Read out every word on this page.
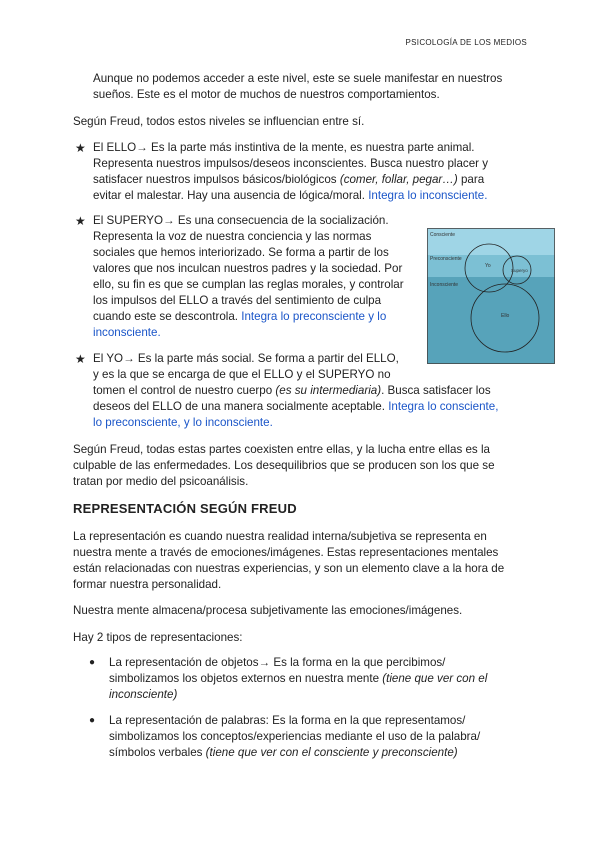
PSICOLOGÍA DE LOS MEDIOS
Aunque no podemos acceder a este nivel, este se suele manifestar en nuestros
sueños. Este es el motor de muchos de nuestros comportamientos.
Según Freud, todos estos niveles se influencian entre sí.
★ El ELLO→ Es la parte más instintiva de la mente, es nuestra parte animal.
Representa nuestros impulsos/deseos inconscientes. Busca nuestro placer y
satisfacer nuestros impulsos básicos/biológicos (comer, follar, pegar…) para
evitar el malestar. Hay una ausencia de lógica/moral. Integra lo inconsciente.
★ El SUPERYO→ Es una consecuencia de la socialización.
Representa la voz de nuestra conciencia y las normas
sociales que hemos interiorizado. Se forma a partir de los
valores que nos inculcan nuestros padres y la sociedad. Por
ello, su fin es que se cumplan las reglas morales, y controlar
los impulsos del ELLO a través del sentimiento de culpa
cuando este se descontrola. Integra lo preconsciente y lo
inconsciente.
Consciente
Preconsciente
Inconsciente
Yo
Superyo
Ello
★ El YO→ Es la parte más social. Se forma a partir del ELLO,
y es la que se encarga de que el ELLO y el SUPERYO no
tomen el control de nuestro cuerpo (es su intermediaria). Busca satisfacer los
deseos del ELLO de una manera socialmente aceptable. Integra lo consciente,
lo preconsciente, y lo inconsciente.
Según Freud, todas estas partes coexisten entre ellas, y la lucha entre ellas es la
culpable de las enfermedades. Los desequilibrios que se producen son los que se
tratan por medio del psicoanálisis.
REPRESENTACIÓN SEGÚN FREUD
La representación es cuando nuestra realidad interna/subjetiva se representa en
nuestra mente a través de emociones/imágenes. Estas representaciones mentales
están relacionadas con nuestras experiencias, y son un elemento clave a la hora de
formar nuestra personalidad.
Nuestra mente almacena/procesa subjetivamente las emociones/imágenes.
Hay 2 tipos de representaciones:
● La representación de objetos→ Es la forma en la que percibimos/
simbolizamos los objetos externos en nuestra mente (tiene que ver con el
inconsciente)
● La representación de palabras: Es la forma en la que representamos/
simbolizamos los conceptos/experiencias mediante el uso de la palabra/
símbolos verbales (tiene que ver con el consciente y preconsciente)
